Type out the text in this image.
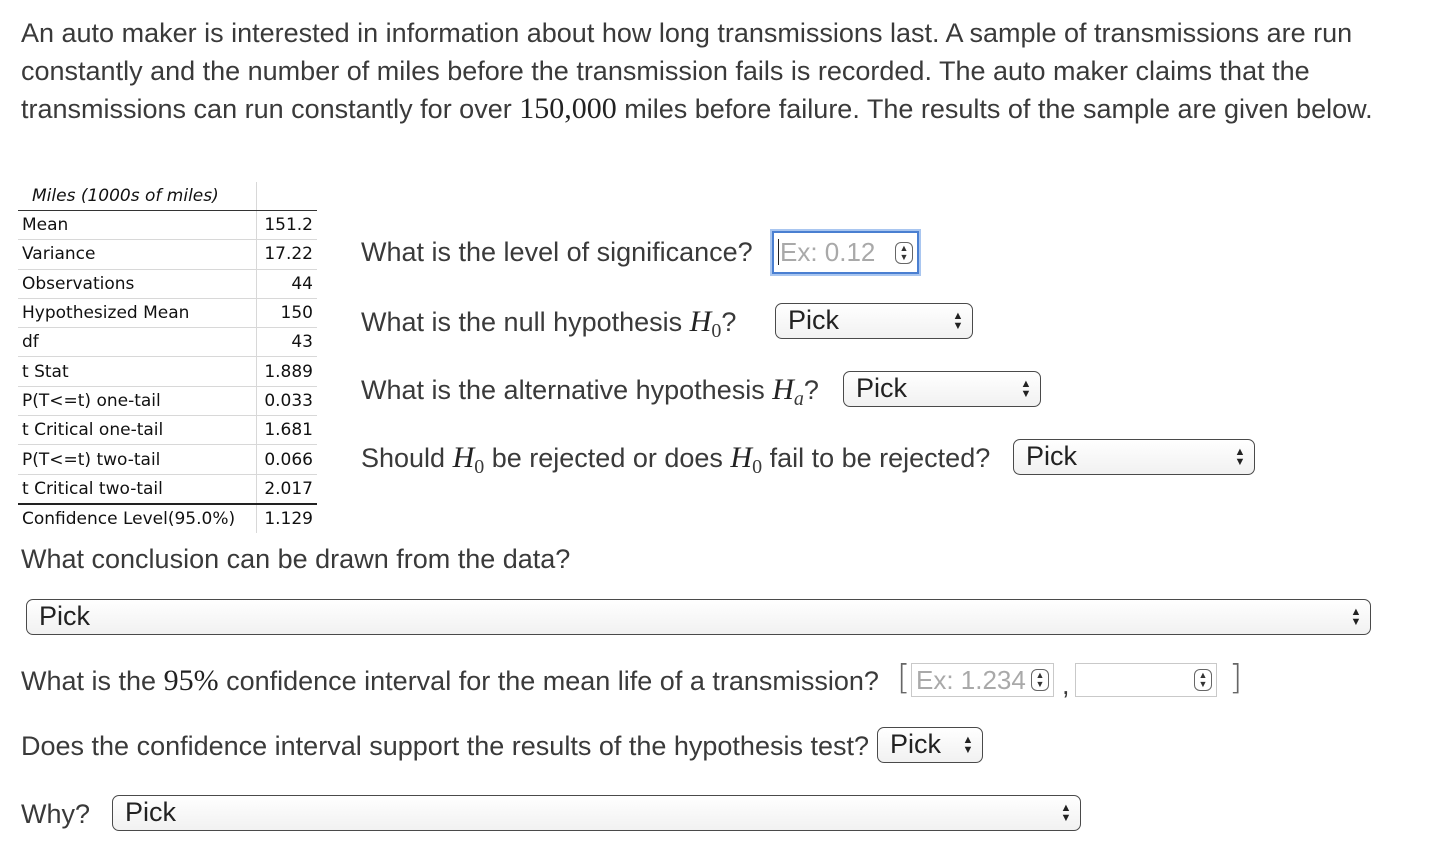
An auto maker is interested in information about how long transmissions last. A sample of transmissions are run constantly and the number of miles before the transmission fails is recorded. The auto maker claims that the transmissions can run constantly for over 150,000 miles before failure. The results of the sample are given below.
Miles (1000s of miles)	
Mean	151.2
Variance	17.22
Observations	44
Hypothesized Mean	150
df	43
t Stat	1.889
P(T<=t) one-tail	0.033
t Critical one-tail	1.681
P(T<=t) two-tail	0.066
t Critical two-tail	2.017
Confidence Level(95.0%)	1.129
What is the level of significance?	Ex: 0.12	▲
▼
What is the null hypothesis $H_0$?	Pick	▲
▼
What is the alternative hypothesis $H_a$?	Pick	▲
▼
Should $H_0$ be rejected or does $H_0$ fail to be rejected?	Pick	▲
▼
What conclusion can be drawn from the data?
Pick	▲
▼
What is the 95% confidence interval for the mean life of a transmission? [ Ex: 1.234 ▲
▼ ,	▲
▼ ]
Does the confidence interval support the results of the hypothesis test? Pick ▲
▼
Why?	Pick	▲
▼
